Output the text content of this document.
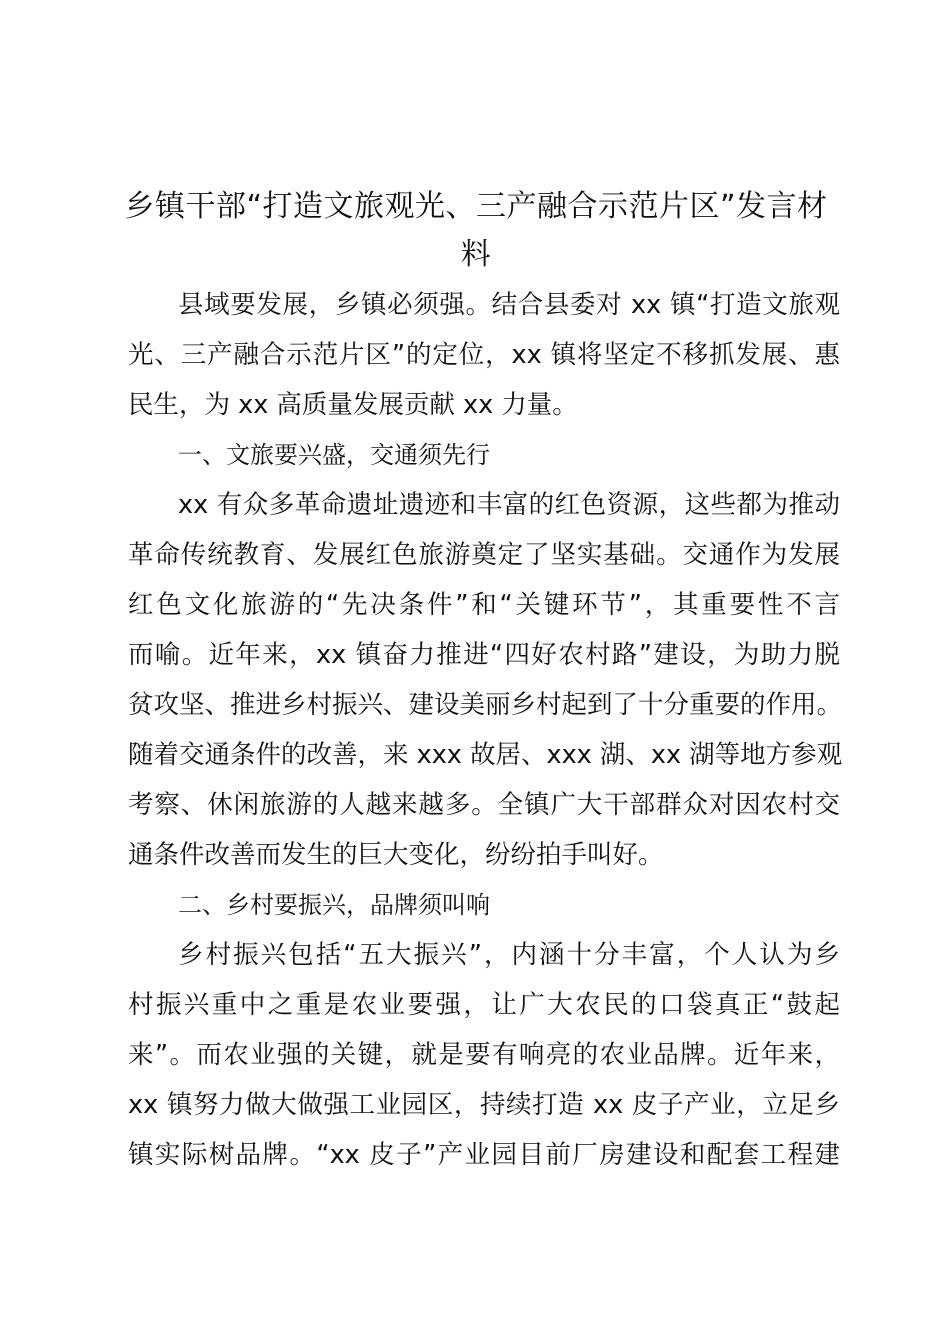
乡镇干部“打造文旅观光、三产融合示范片区”发言材
料
县域要发展，乡镇必须强。结合县委对 xx 镇“打造文旅观
光、三产融合示范片区”的定位，xx 镇将坚定不移抓发展、惠
民生，为 xx 高质量发展贡献 xx 力量。
一、文旅要兴盛，交通须先行
xx 有众多革命遗址遗迹和丰富的红色资源，这些都为推动
革命传统教育、发展红色旅游奠定了坚实基础。交通作为发展
红色文化旅游的“先决条件”和“关键环节”，其重要性不言
而喻。近年来，xx 镇奋力推进“四好农村路”建设，为助力脱
贫攻坚、推进乡村振兴、建设美丽乡村起到了十分重要的作用。
随着交通条件的改善，来 xxx 故居、xxx 湖、xx 湖等地方参观
考察、休闲旅游的人越来越多。全镇广大干部群众对因农村交
通条件改善而发生的巨大变化，纷纷拍手叫好。
二、乡村要振兴，品牌须叫响
乡村振兴包括“五大振兴”，内涵十分丰富，个人认为乡
村振兴重中之重是农业要强，让广大农民的口袋真正“鼓起
来”。而农业强的关键，就是要有响亮的农业品牌。近年来，
xx 镇努力做大做强工业园区，持续打造 xx 皮子产业，立足乡
镇实际树品牌。“xx 皮子”产业园目前厂房建设和配套工程建
